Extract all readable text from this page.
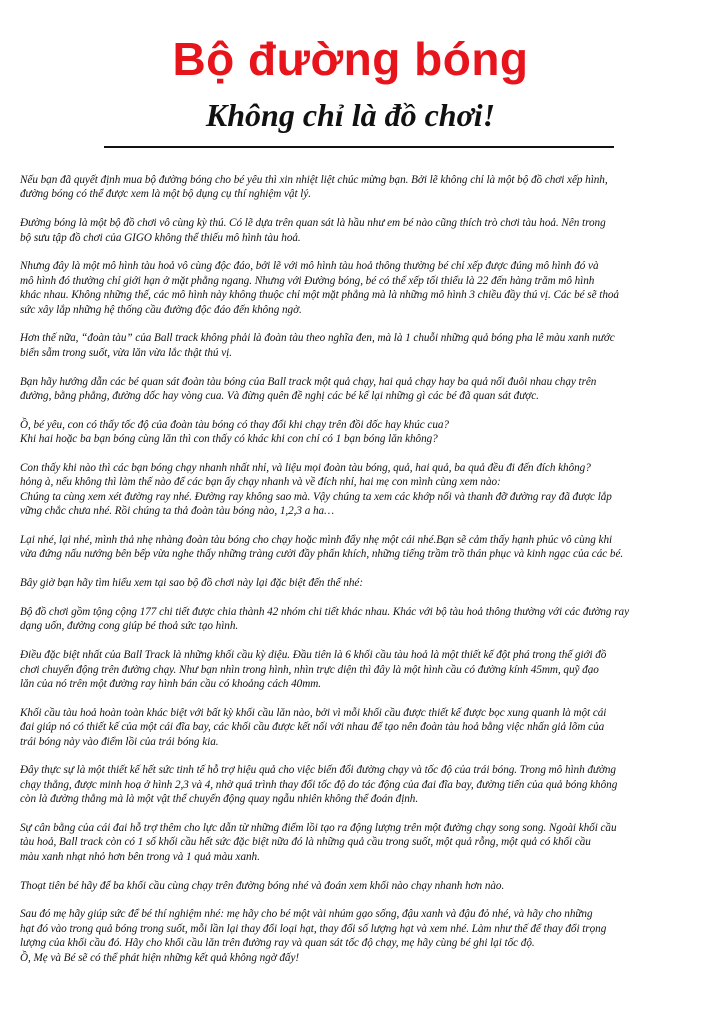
Bộ đường bóng
Không chỉ là đồ chơi!
Nếu bạn đã quyết định mua bộ đường bóng cho bé yêu thì xin nhiệt liệt chúc mừng bạn. Bởi lẽ không chỉ là một bộ đồ chơi xếp hình,
đường bóng có thể được xem là một bộ dụng cụ thí nghiệm vật lý.
Đường bóng là một bộ đồ chơi vô cùng kỳ thú. Có lẽ dựa trên quan sát là hầu như em bé nào cũng thích trò chơi tàu hoả. Nên trong
bộ sưu tập đồ chơi của GIGO không thể thiếu mô hình tàu hoả.
Nhưng đây là một mô hình tàu hoả vô cùng độc đáo, bởi lẽ với mô hình tàu hoả thông thường bé chỉ xếp được đúng mô hình đó và
mô hình đó thường chỉ giới hạn ở mặt phẳng ngang. Nhưng với Đường bóng, bé có thể xếp tối thiểu là 22 đến hàng trăm mô hình
khác nhau. Không những thế, các mô hình này không thuộc chỉ một mặt phẳng mà là những mô hình 3 chiều đầy thú vị. Các bé sẽ thoả
sức xây lắp những hệ thống cầu đường độc đáo đến không ngờ.
Hơn thế nữa, “đoàn tàu” của Ball track không phải là đoàn tàu theo nghĩa đen, mà là 1 chuỗi những quả bóng pha lê màu xanh nước
biển sẫm trong suốt, vừa lăn vừa lắc thật thú vị.
Bạn hãy hướng dẫn các bé quan sát đoàn tàu bóng của Ball track một quả chạy, hai quả chạy hay ba quả nối đuôi nhau chạy trên
đường, bằng phẳng, đường dốc hay vòng cua. Và đừng quên đề nghị các bé kể lại những gì các bé đã quan sát được.
Ồ, bé yêu, con có thấy tốc độ của đoàn tàu bóng có thay đổi khi chạy trên đồi dốc hay khúc cua?
Khi hai hoặc ba bạn bóng cùng lăn thì con thấy có khác khi con chỉ có 1 bạn bóng lăn không?
Con thấy khi nào thì các bạn bóng chạy nhanh nhất nhỉ, và liệu mọi đoàn tàu bóng, quả, hai quả, ba quả đều đi đến đích không?
hỏng à, nếu không thì làm thế nào để các bạn ấy chạy nhanh và về đích nhỉ, hai mẹ con mình cùng xem nào:
Chúng ta cùng xem xét đường ray nhé. Đường ray không sao mà. Vậy chúng ta xem các khớp nối và thanh đỡ đường ray đã được lắp
vững chắc chưa nhé. Rồi chúng ta thả đoàn tàu bóng nào, 1,2,3 a ha…
Lại nhé, lại nhé, mình thả nhẹ nhàng đoàn tàu bóng cho chạy hoặc mình đẩy nhẹ một cái nhé.Bạn sẽ cảm thấy hạnh phúc vô cùng khi
vừa đứng nấu nướng bên bếp vừa nghe thấy những tràng cười đầy phấn khích, những tiếng trầm trồ thán phục và kinh ngạc của các bé.
Bây giờ bạn hãy tìm hiểu xem tại sao bộ đồ chơi này lại đặc biệt đến thế nhé:
Bộ đồ chơi gồm tộng cộng 177 chi tiết được chia thành 42 nhóm chi tiết khác nhau. Khác với bộ tàu hoả thông thường với các đường ray
dạng uốn, đường cong giúp bé thoả sức tạo hình.
Điều đặc biệt nhất của Ball Track là những khối cầu kỳ diệu. Đầu tiên là 6 khối cầu tàu hoả là một thiết kế đột phá trong thế giới đồ
chơi chuyển động trên đường chạy. Như bạn nhìn trong hình, nhìn trực diện thì đây là một hình cầu có đường kính 45mm, quỹ đạo
lăn của nó trên một đường ray hình bán cầu có khoảng cách 40mm.
Khối cầu tàu hoả hoàn toàn khác biệt với bất kỳ khối cầu lăn nào, bởi vì mỗi khối cầu được thiết kế được bọc xung quanh là một cái
đai giúp nó có thiết kế của một cái đĩa bay, các khối cầu được kết nối với nhau để tạo nên đoàn tàu hoả bằng việc nhấn giả lõm của
trái bóng này vào điểm lồi của trái bóng kia.
Đây thực sự là một thiết kế hết sức tinh tế hỗ trợ hiệu quả cho việc biến đổi đường chạy và tốc độ của trái bóng. Trong mô hình đường
chạy thẳng, được minh hoạ ở hình 2,3 và 4, nhờ quá trình thay đổi tốc độ do tác động của đai đĩa bay, đường tiến của quả bóng không
còn là đường thẳng mà là một vật thể chuyển động quay ngẫu nhiên không thể đoán định.
Sự cân bằng của cái đai hỗ trợ thêm cho lực dẫn từ những điểm lồi tạo ra động lượng trên một đường chạy song song. Ngoài khối cầu
tàu hoả, Ball track còn có 1 số khối cầu hết sức đặc biệt nữa đó là những quả cầu trong suốt, một quả rỗng, một quả có khối cầu
màu xanh nhạt nhỏ hơn bên trong và 1 quả màu xanh.
Thoạt tiên bé hãy để ba khối cầu cùng chạy trên đường bóng nhé và đoán xem khối nào chạy nhanh hơn nào.
Sau đó mẹ hãy giúp sức để bé thí nghiệm nhé: mẹ hãy cho bé một vài nhúm gạo sống, đậu xanh và đậu đỏ nhé, và hãy cho những
hạt đó vào trong quả bóng trong suốt, mỗi lần lại thay đổi loại hạt, thay đổi số lượng hạt và xem nhé. Làm như thế để thay đổi trọng
lượng của khối cầu đó. Hãy cho khối cầu lăn trên đường ray và quan sát tốc độ chạy, mẹ hãy cùng bé ghi lại tốc độ.
Ồ, Mẹ và Bé sẽ có thể phát hiện những kết quả không ngờ đấy!
